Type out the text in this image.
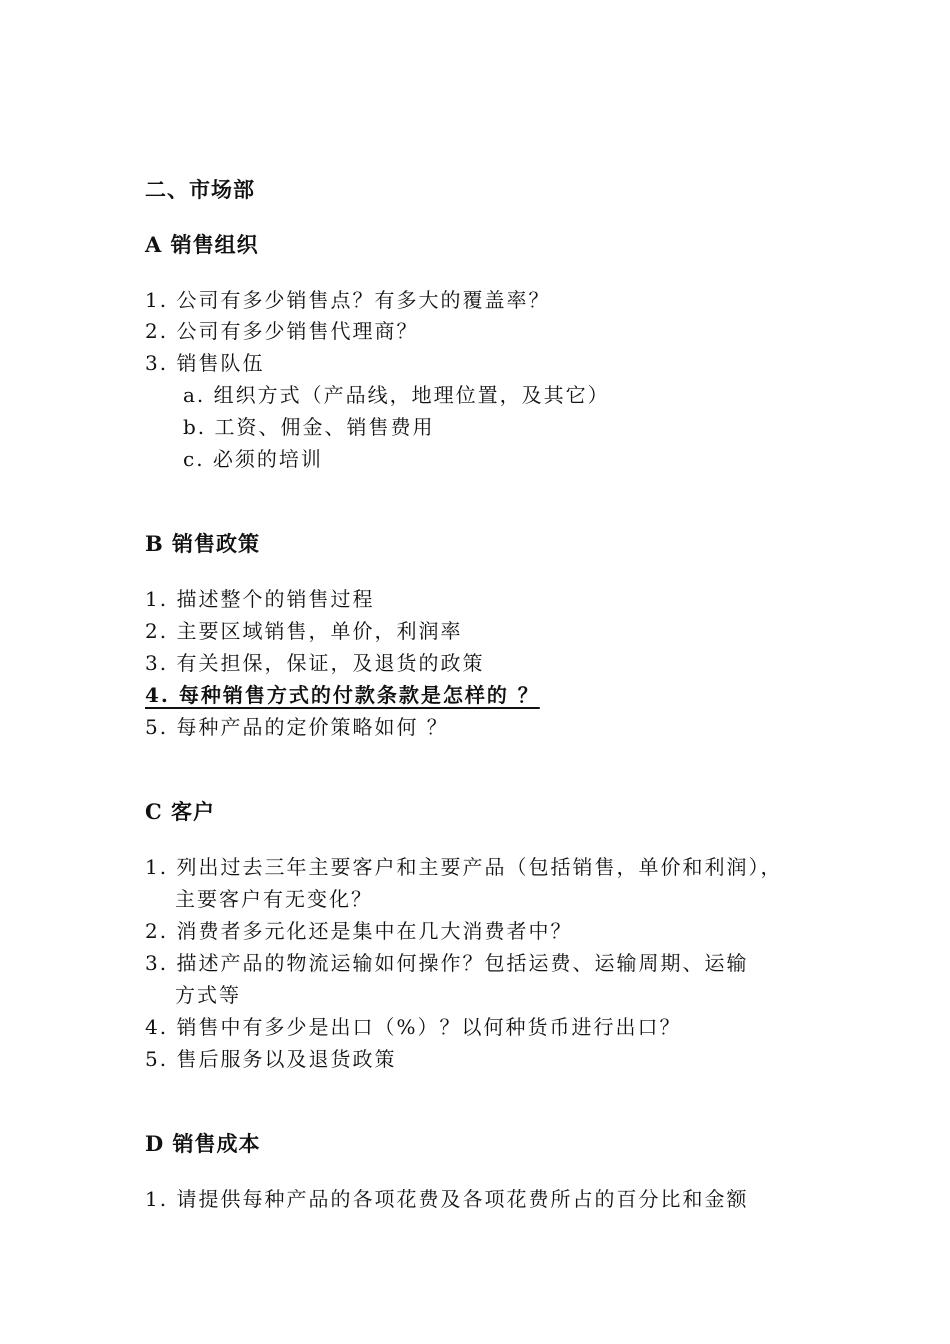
二、市场部
A 销售组织
1. 公司有多少销售点？有多大的覆盖率？
2. 公司有多少销售代理商？
3. 销售队伍
a. 组织方式（产品线，地理位置，及其它）
b. 工资、佣金、销售费用
c. 必须的培训
B 销售政策
1. 描述整个的销售过程
2. 主要区域销售，单价，利润率
3. 有关担保，保证，及退货的政策
4. 每种销售方式的付款条款是怎样的 ？
5. 每种产品的定价策略如何 ？
C 客户
1. 列出过去三年主要客户和主要产品（包括销售，单价和利润），
主要客户有无变化？
2. 消费者多元化还是集中在几大消费者中？
3. 描述产品的物流运输如何操作？包括运费、运输周期、运输
方式等
4. 销售中有多少是出口（%）？以何种货币进行出口？
5. 售后服务以及退货政策
D 销售成本
1. 请提供每种产品的各项花费及各项花费所占的百分比和金额
